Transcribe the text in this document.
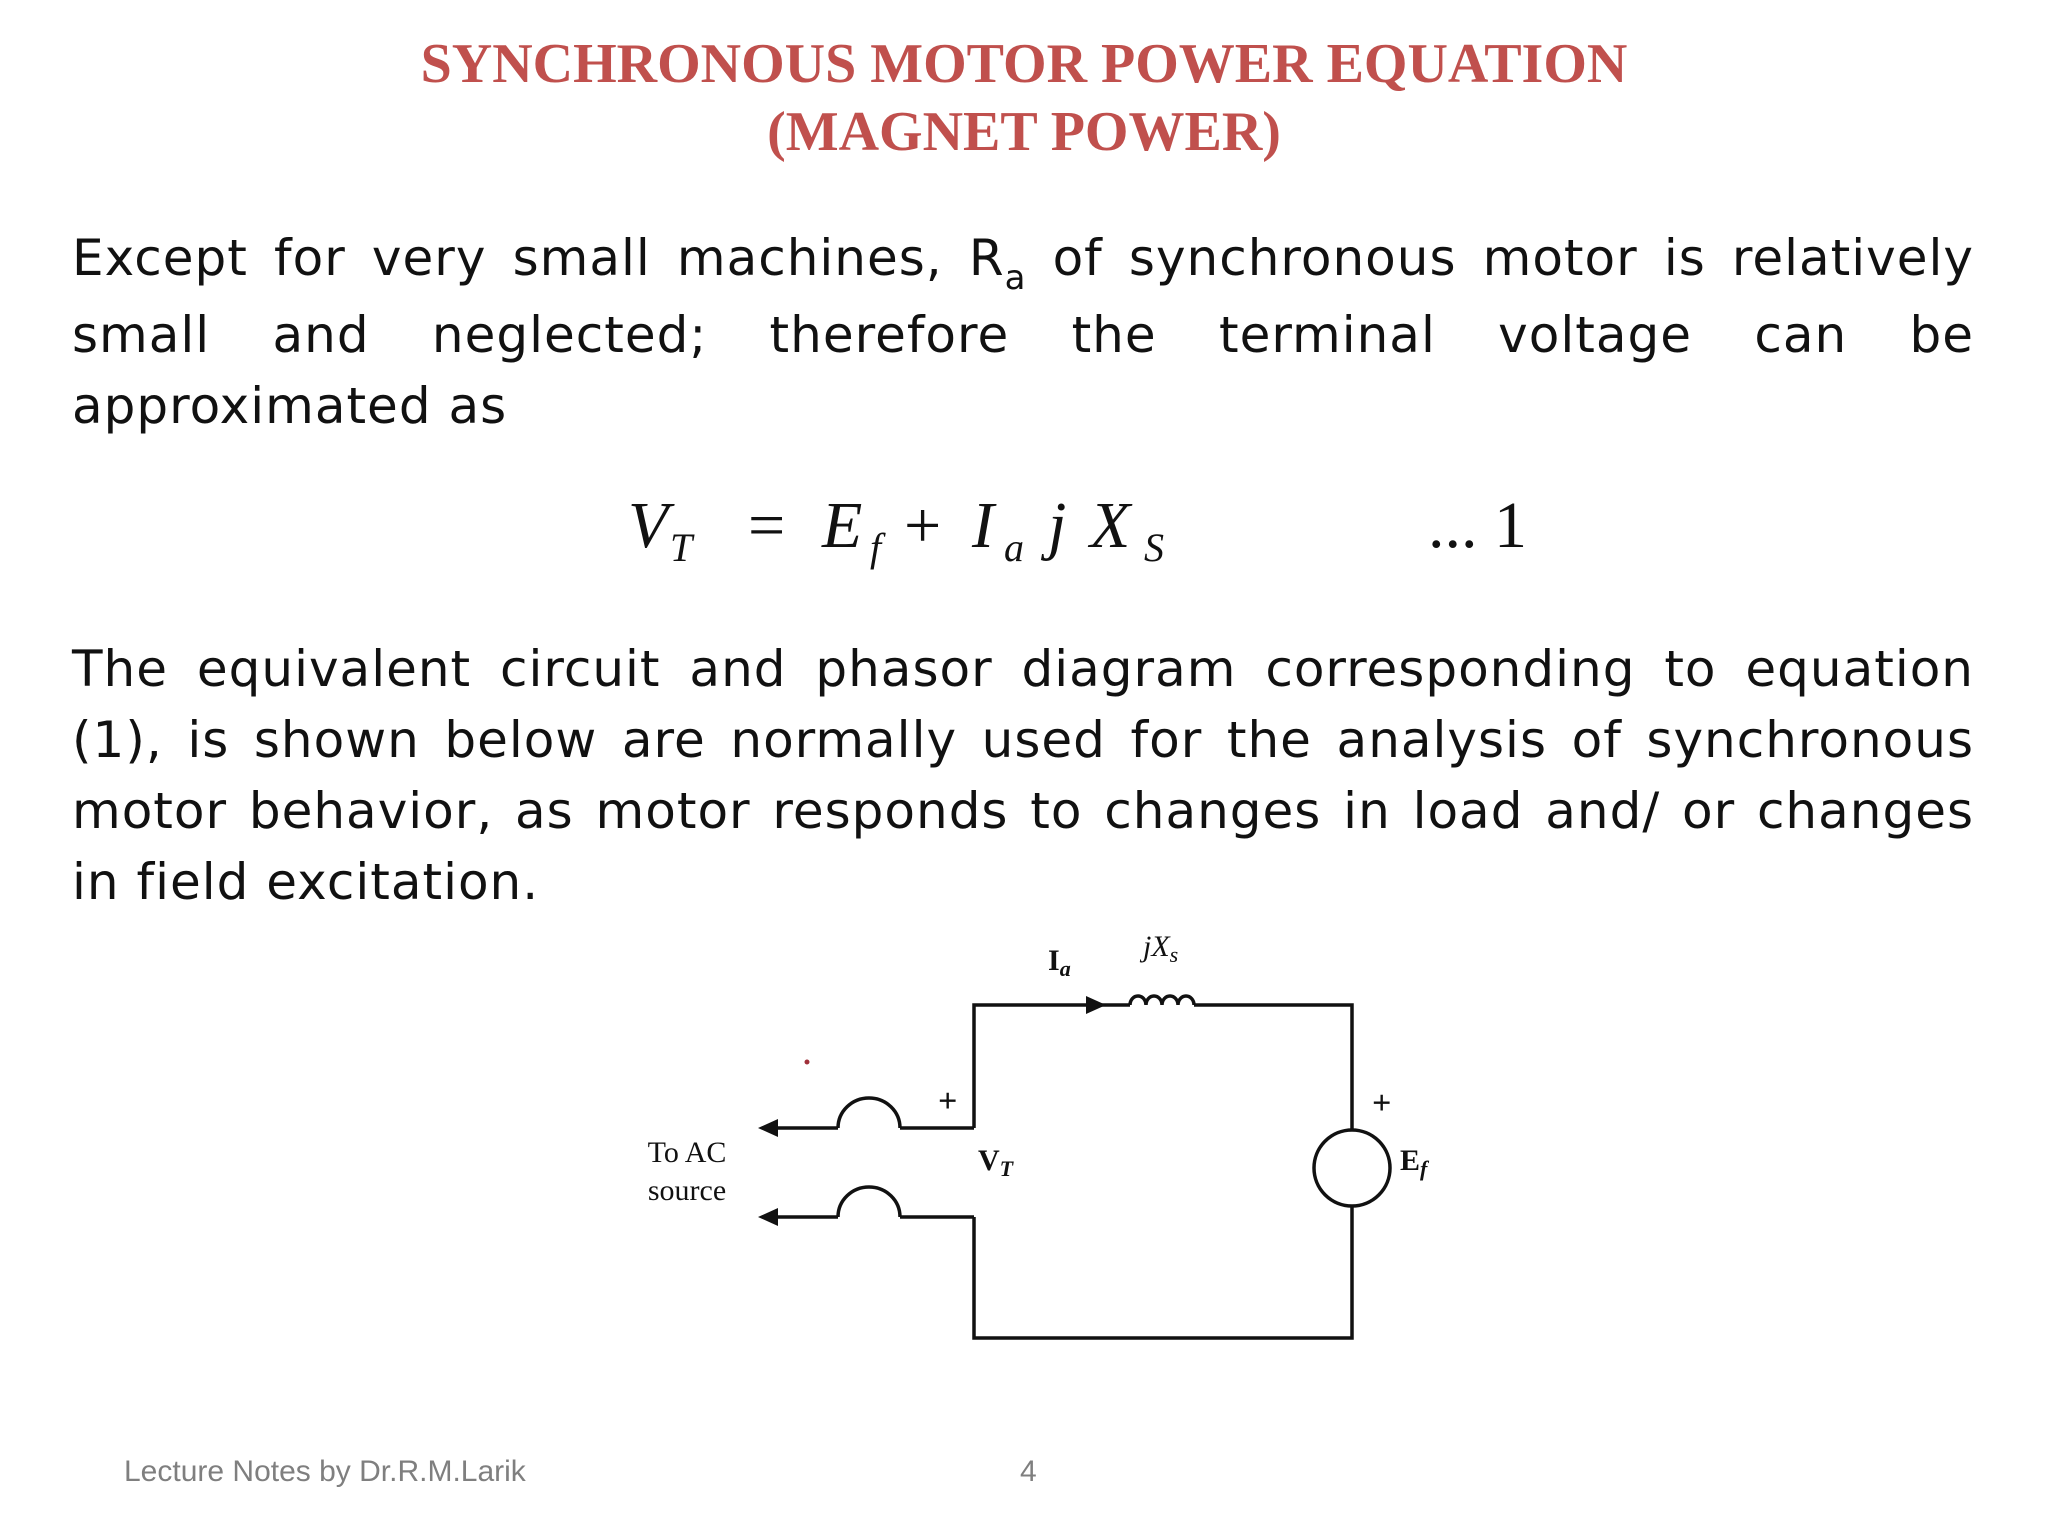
SYNCHRONOUS MOTOR POWER EQUATION
(MAGNET POWER)
Except for very small machines, $R_a$ of synchronous motor is relatively
small and neglected; therefore the terminal voltage can be
approximated as
V T = E f + I a j X S	... 1
The equivalent circuit and phasor diagram corresponding to equation
(1), is shown below are normally used for the analysis of synchronous
motor behavior, as motor responds to changes in load and/ or changes
in field excitation.
$I_a$
$jX_s$
+	+
$V_T$	$E_f$
To AC
source
Lecture Notes by Dr.R.M.Larik	4
